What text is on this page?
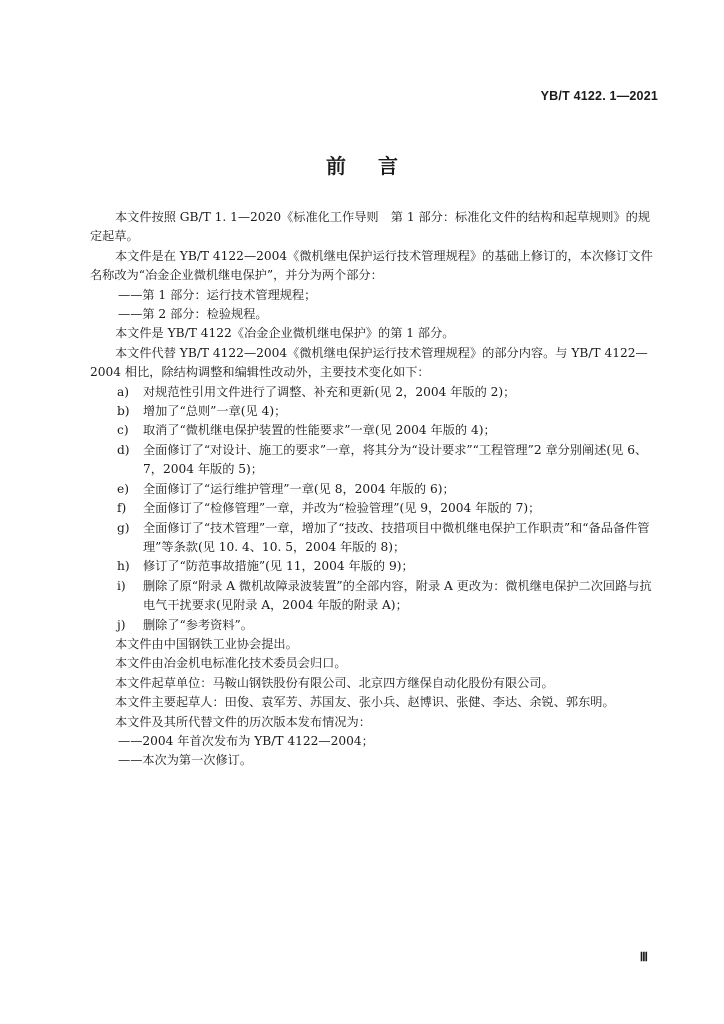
YB/T 4122. 1—2021
前言

本文件按照 GB/T 1. 1—2020《标准化工作导则　第 1 部分：标准化文件的结构和起草规则》的规定起草。

本文件是在 YB/T 4122—2004《微机继电保护运行技术管理规程》的基础上修订的，本次修订文件名称改为“冶金企业微机继电保护”，并分为两个部分：

——第 1 部分：运行技术管理规程；

——第 2 部分：检验规程。

本文件是 YB/T 4122《冶金企业微机继电保护》的第 1 部分。

本文件代替 YB/T 4122—2004《微机继电保护运行技术管理规程》的部分内容。与 YB/T 4122—2004 相比，除结构调整和编辑性改动外，主要技术变化如下：

a)	对规范性引用文件进行了调整、补充和更新(见 2，2004 年版的 2)；
b)	增加了“总则”一章(见 4)；
c)	取消了“微机继电保护装置的性能要求”一章(见 2004 年版的 4)；
d)	全面修订了“对设计、施工的要求”一章，将其分为“设计要求”“工程管理”2 章分别阐述(见 6、7，2004 年版的 5)；
e)	全面修订了“运行维护管理”一章(见 8，2004 年版的 6)；
f)	全面修订了“检修管理”一章，并改为“检验管理”(见 9，2004 年版的 7)；
g)	全面修订了“技术管理”一章，增加了“技改、技措项目中微机继电保护工作职责”和“备品备件管理”等条款(见 10. 4、10. 5，2004 年版的 8)；
h)	修订了“防范事故措施”(见 11，2004 年版的 9)；
i)	删除了原“附录 A 微机故障录波装置”的全部内容，附录 A 更改为：微机继电保护二次回路与抗电气干扰要求(见附录 A，2004 年版的附录 A)；
j)	删除了“参考资料”。

本文件由中国钢铁工业协会提出。

本文件由冶金机电标准化技术委员会归口。

本文件起草单位：马鞍山钢铁股份有限公司、北京四方继保自动化股份有限公司。

本文件主要起草人：田俊、袁军芳、苏国友、张小兵、赵博识、张健、李达、余锐、郭东明。

本文件及其所代替文件的历次版本发布情况为：

——2004 年首次发布为 YB/T 4122—2004；

——本次为第一次修订。

Ⅲ
